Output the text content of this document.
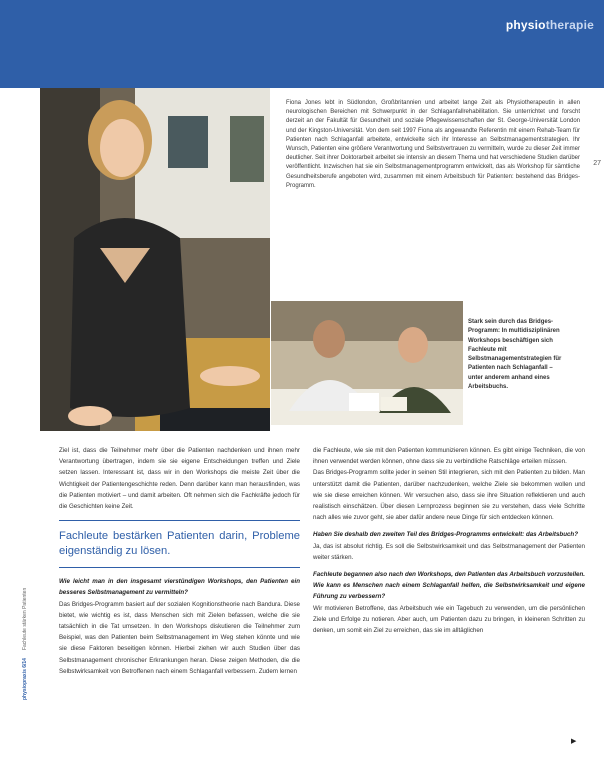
physiotherapie
Fiona Jones lebt in Südlondon, Großbritannien und arbeitet lange Zeit als Physiotherapeutin in allen neurologischen Bereichen mit Schwerpunkt in der Schlaganfallrehabilitation. Sie unterrichtet und forscht derzeit an der Fakultät für Gesundheit und soziale Pflegewissenschaften der St. George-Universität London und der Kingston-Universität. Von dem seit 1997 Fiona als angewandte Referentin mit einem Rehab-Team für Patienten nach Schlaganfall arbeitete, entwickelte sich ihr Interesse an Selbstmanagementstrategien. Ihr Wunsch, Patienten eine größere Verantwortung und Selbstvertrauen zu vermitteln, wurde zu dieser Zeit immer deutlicher. Seit ihrer Doktorarbeit arbeitet sie intensiv an diesem Thema und hat verschiedene Studien darüber veröffentlicht. Inzwischen hat sie ein Selbstmanagementprogramm entwickelt, das als Workshop für sämtliche Gesundheitsberufe angeboten wird, zusammen mit einem Arbeitsbuch für Patienten: bestehend das Bridges-Programm.
Stark sein durch das Bridges-Programm: In multidisziplinären Workshops beschäftigen sich Fachleute mit Selbstmanagementstrategien für Patienten nach Schlaganfall – unter anderem anhand eines Arbeitsbuchs.
27

Ziel ist, dass die Teilnehmer mehr über die Patienten nachdenken und ihnen mehr Verantwortung übertragen, indem sie sie eigene Entscheidungen treffen und Ziele setzen lassen. Interessant ist, dass wir in den Workshops die meiste Zeit über die Wichtigkeit der Patientengeschichte reden. Denn darüber kann man herausfinden, was die Patienten motiviert – und damit arbeiten. Oft nehmen sich die Fachkräfte jedoch für die Geschichten keine Zeit.

Fachleute bestärken Patienten darin, Probleme eigenständig zu lösen.

Wie leicht man in den insgesamt vierstündigen Workshops, den Patienten ein besseres Selbstmanagement zu vermitteln?

Das Bridges-Programm basiert auf der sozialen Kognitionstheorie nach Bandura. Diese bietet, wie wichtig es ist, dass Menschen sich mit Zielen befassen, welche die sie tatsächlich in die Tat umsetzen. In den Workshops diskutieren die Teilnehmer zum Beispiel, was den Patienten beim Selbstmanagement im Weg stehen könnte und wie sie diese Faktoren beseitigen können. Hierbei ziehen wir auch Studien über das Selbstmanagement chronischer Erkrankungen heran. Diese zeigen Methoden, die die Selbstwirksamkeit von Betroffenen nach einem Schlaganfall verbessern. Zudem lernen

die Fachleute, wie sie mit den Patienten kommunizieren können. Es gibt einige Techniken, die von ihnen verwendet werden können, ohne dass sie zu verbindliche Ratschläge erteilen müssen.

Das Bridges-Programm sollte jeder in seinen Stil integrieren, sich mit den Patienten zu bilden. Man unterstützt damit die Patienten, darüber nachzudenken, welche Ziele sie bekommen wollen und wie sie diese erreichen können. Wir versuchen also, dass sie ihre Situation reflektieren und auch realistisch einschätzen. Über diesen Lernprozess beginnen sie zu verstehen, dass viele Schritte nach alles wie zuvor geht, sie aber dafür andere neue Dinge für sich entdecken können.

Haben Sie deshalb den zweiten Teil des Bridges-Programms entwickelt: das Arbeitsbuch?

Ja, das ist absolut richtig. Es soll die Selbstwirksamkeit und das Selbstmanagement der Patienten weiter stärken.

Fachleute begannen also nach den Workshops, den Patienten das Arbeitsbuch vorzustellen. Wie kann es Menschen nach einem Schlaganfall helfen, die Selbstwirksamkeit und eigene Führung zu verbessern?

Wir motivieren Betroffene, das Arbeitsbuch wie ein Tagebuch zu verwenden, um die persönlichen Ziele und Erfolge zu notieren. Aber auch, um Patienten dazu zu bringen, in kleineren Schritten zu denken, um somit ein Ziel zu erreichen, das sie im alltäglichen

physiopraxis 6/14Fachleute stärken Patienten
▶
